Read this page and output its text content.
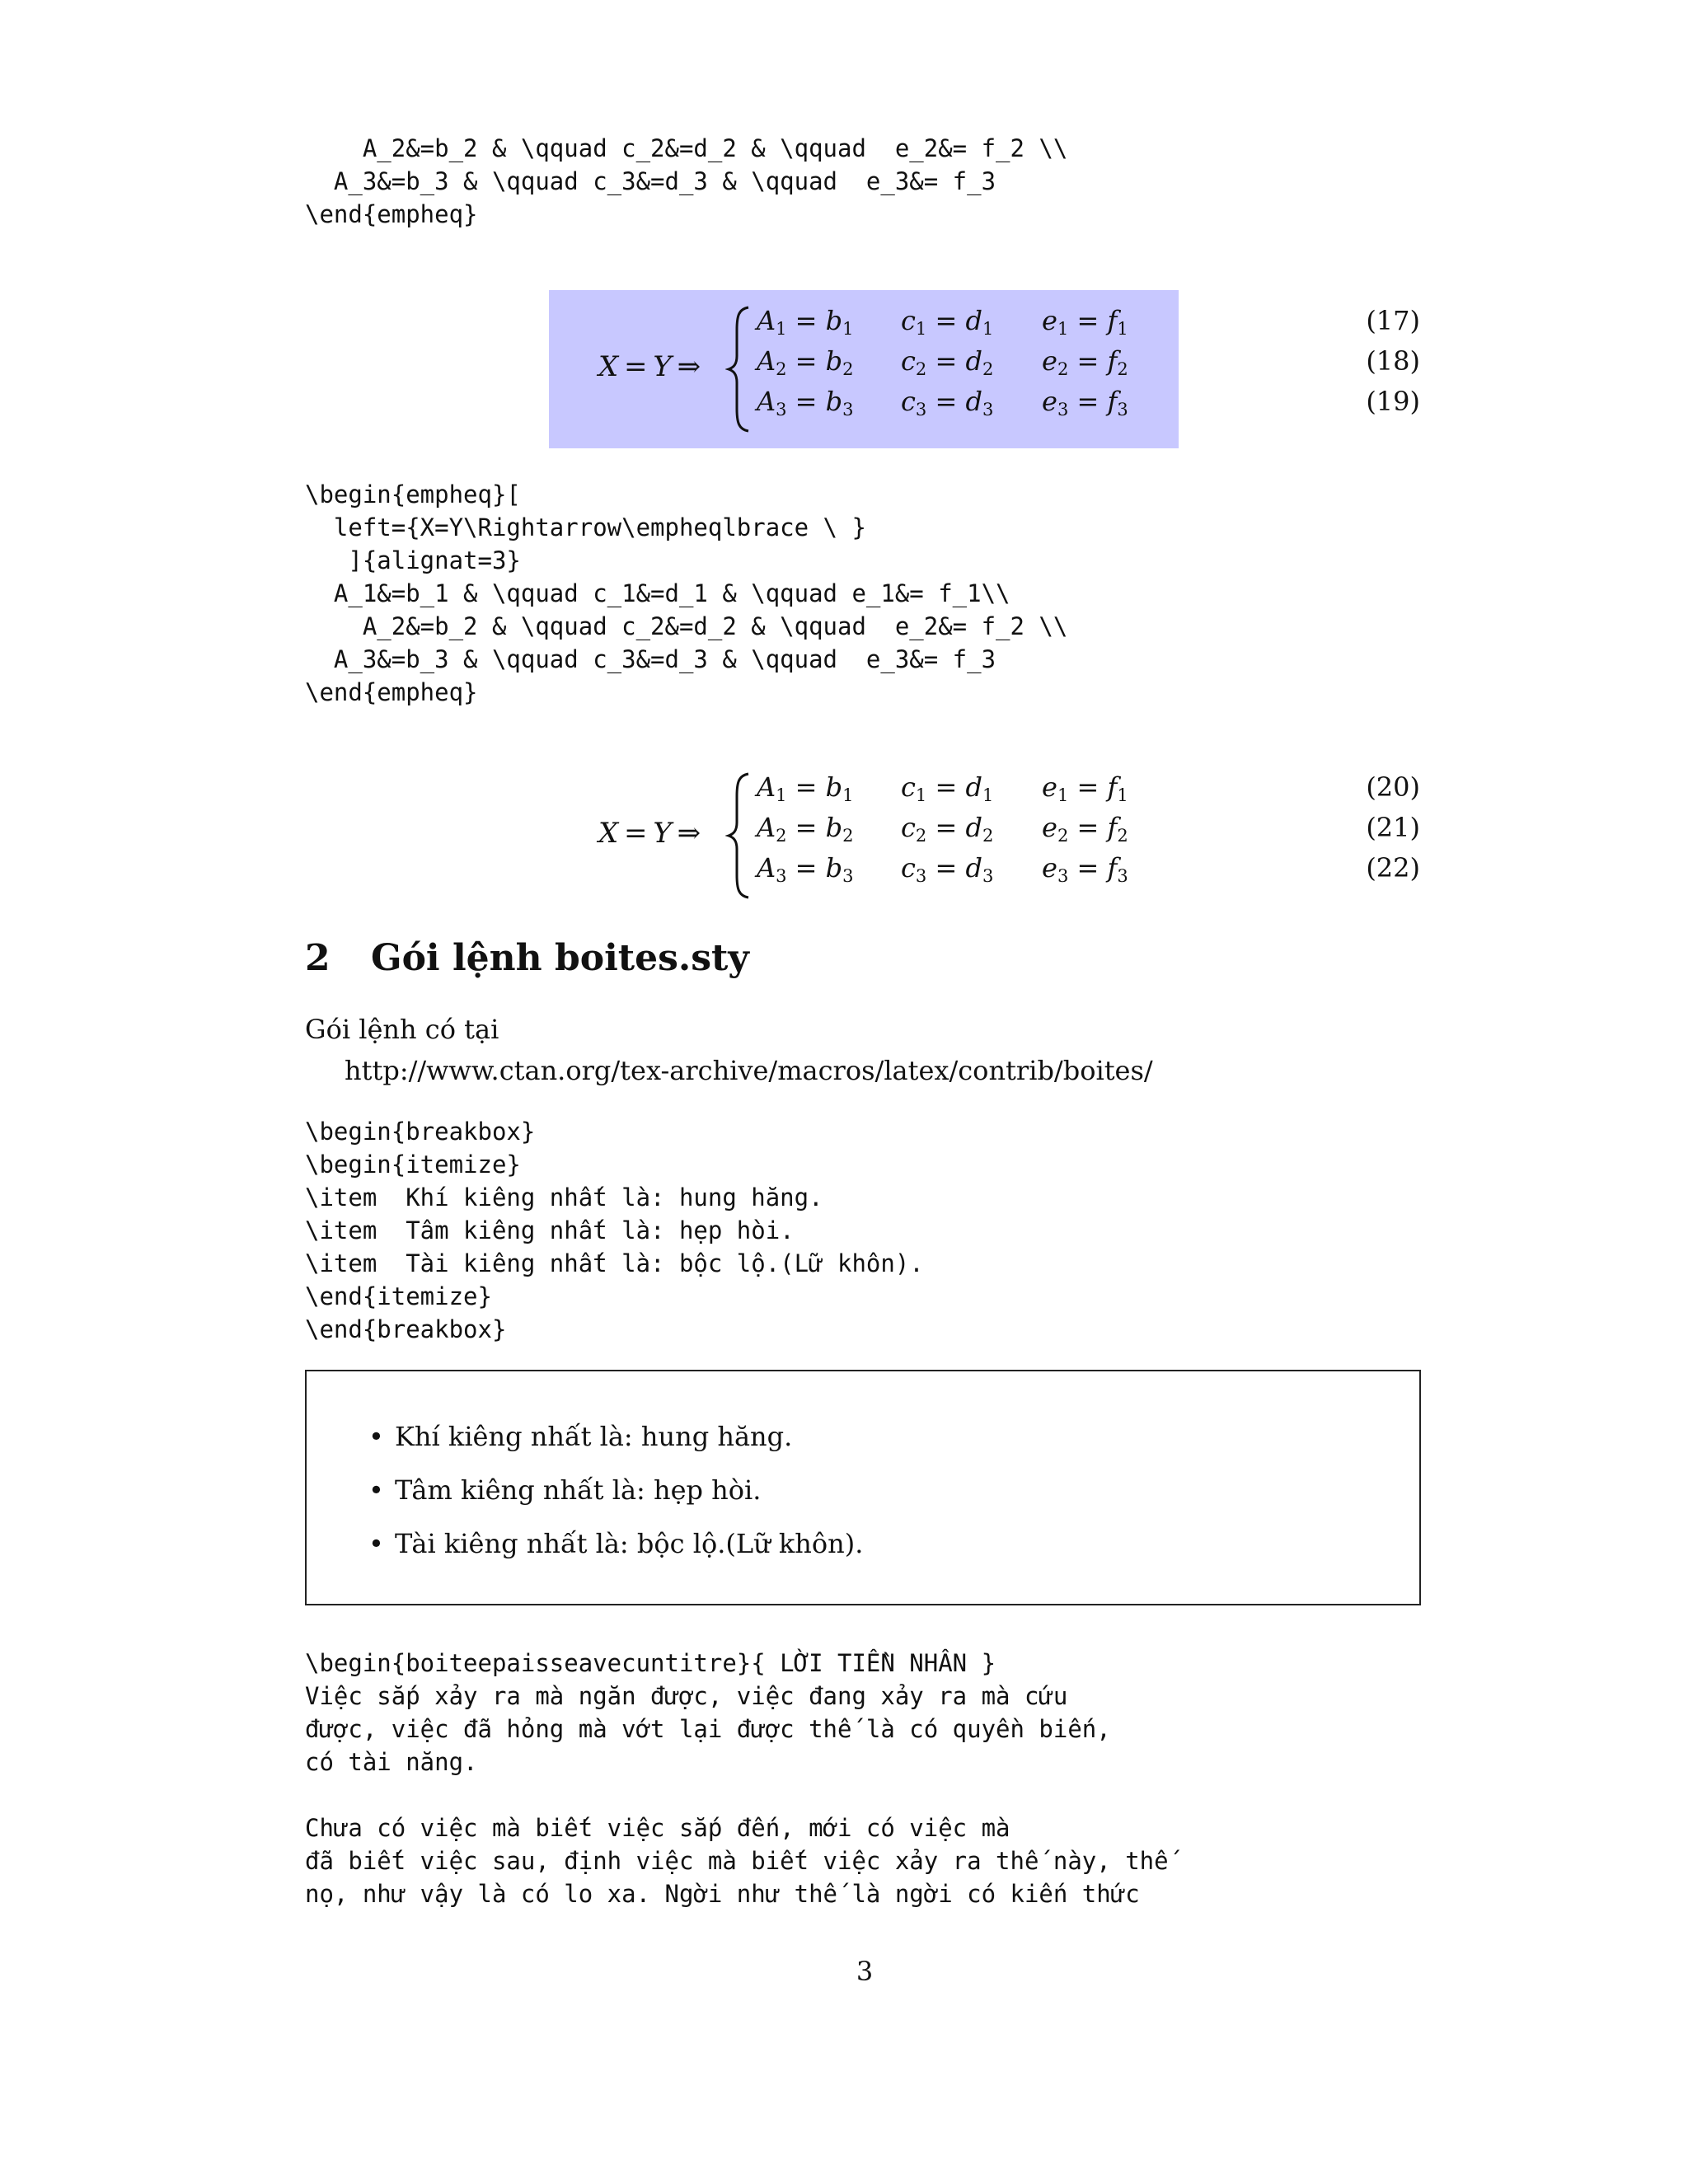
A_2&=b_2 & \qquad c_2&=d_2 & \qquad  e_2&= f_2 \\
A_3&=b_3 & \qquad c_3&=d_3 & \qquad  e_3&= f_3
\end{empheq}
X  =  Y  ⇒
$A_1 = b_1$ $c_1 = d_1$ $e_1 = f_1$	(17)
$A_2 = b_2$ $c_2 = d_2$ $e_2 = f_2$	(18)
$A_3 = b_3$ $c_3 = d_3$ $e_3 = f_3$	(19)
\begin{empheq}[
left={X=Y\Rightarrow\empheqlbrace \ }
]{alignat=3}
A_1&=b_1 & \qquad c_1&=d_1 & \qquad e_1&= f_1\\
A_2&=b_2 & \qquad c_2&=d_2 & \qquad  e_2&= f_2 \\
A_3&=b_3 & \qquad c_3&=d_3 & \qquad  e_3&= f_3
\end{empheq}
X  =  Y  ⇒
$A_1 = b_1$ $c_1 = d_1$ $e_1 = f_1$	(20)
$A_2 = b_2$ $c_2 = d_2$ $e_2 = f_2$	(21)
$A_3 = b_3$ $c_3 = d_3$ $e_3 = f_3$	(22)
2 Gói lệnh boites.sty
Gói lệnh có tại
http://www.ctan.org/tex-archive/macros/latex/contrib/boites/
\begin{breakbox}
\begin{itemize}
\item  Khí kiêng nhất là: hung hăng.
\item  Tâm kiêng nhất là: hẹp hòi.
\item  Tài kiêng nhất là: bộc lộ.(Lữ khôn).
\end{itemize}
\end{breakbox}
• Khí kiêng nhất là: hung hăng.
• Tâm kiêng nhất là: hẹp hòi.
• Tài kiêng nhất là: bộc lộ.(Lữ khôn).
\begin{boiteepaisseavecuntitre}{ LỜI TIỀN NHÂN }
Việc sắp xảy ra mà ngăn được, việc đang xảy ra mà cứu
được, việc đã hỏng mà vớt lại được thế là có quyền biến,
có tài năng.

Chưa có việc mà biết việc sắp đến, mới có việc mà
đã biết việc sau, định việc mà biết việc xảy ra thế này, thế
nọ, như vậy là có lo xa. Ngời như thế là ngời có kiến thức
3
